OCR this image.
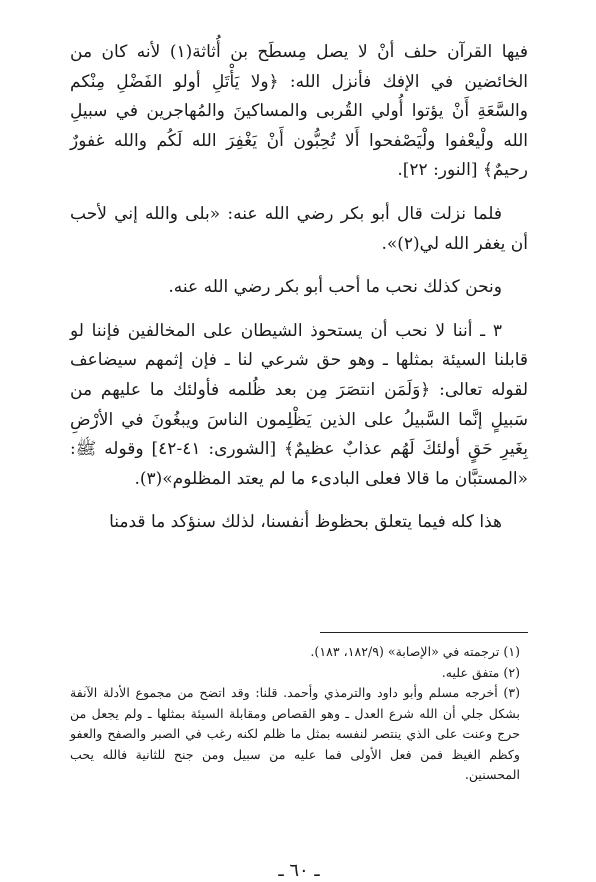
فيها القرآن حلف أنْ لا يصل مِسطَح بن أُثاثة(١) لأنه كان من الخائضين في الإفك فأنزل الله: ﴿ولا يَأْتَلِ أولو الفَضْلِ مِنْكم والسَّعَةِ أَنْ يؤتوا أُولي القُربى والمساكينَ والمُهاجرين في سبيلِ الله ولْيعْفوا ولْيَصْفحوا أَلا تُحِبُّون أَنْ يَغْفِرَ الله لَكُم والله غفورٌ رحيمٌ﴾ [النور: ٢٢].

فلما نزلت قال أبو بكر رضي الله عنه: «بلى والله إني لأحب أن يغفر الله لي(٢)».

ونحن كذلك نحب ما أحب أبو بكر رضي الله عنه.

٣ ـ أننا لا نحب أن يستحوذ الشيطان على المخالفين فإننا لو قابلنا السيئة بمثلها ـ وهو حق شرعي لنا ـ فإن إثمهم سيضاعف لقوله تعالى: ﴿وَلَمَن انتصَرَ مِن بعد ظُلمه فأولئك ما عليهم من سَبيلٍ إنَّما السَّبيلُ على الذين يَظْلِمون الناسَ ويبغُونَ في الأرْضِ بِغَيرِ حَقٍ أولئكَ لَهُم عذابٌ عظيمٌ﴾ [الشورى: ٤١-٤٢] وقوله ﷺ: «المستبَّان ما قالا فعلى البادىء ما لم يعتد المظلوم»(٣).

هذا كله فيما يتعلق بحظوظ أنفسنا، لذلك سنؤكد ما قدمنا

(١) ترجمته في «الإصابة» (١٨٢/٩، ١٨٣).

(٢) متفق عليه.

(٣) أخرجه مسلم وأبو داود والترمذي وأحمد. قلنا: وقد اتضح من مجموع الأدلة الآنفة بشكل جلي أن الله شرع العدل ـ وهو القصاص ومقابلة السيئة بمثلها ـ ولم يجعل من حرج وعنت على الذي ينتصر لنفسه بمثل ما ظلم لكنه رغب في الصبر والصفح والعفو وكظم الغيظ فمن فعل الأولى فما عليه من سبيل ومن جنح للثانية فالله يحب المحسنين.

ـ ٦٠ ـ
